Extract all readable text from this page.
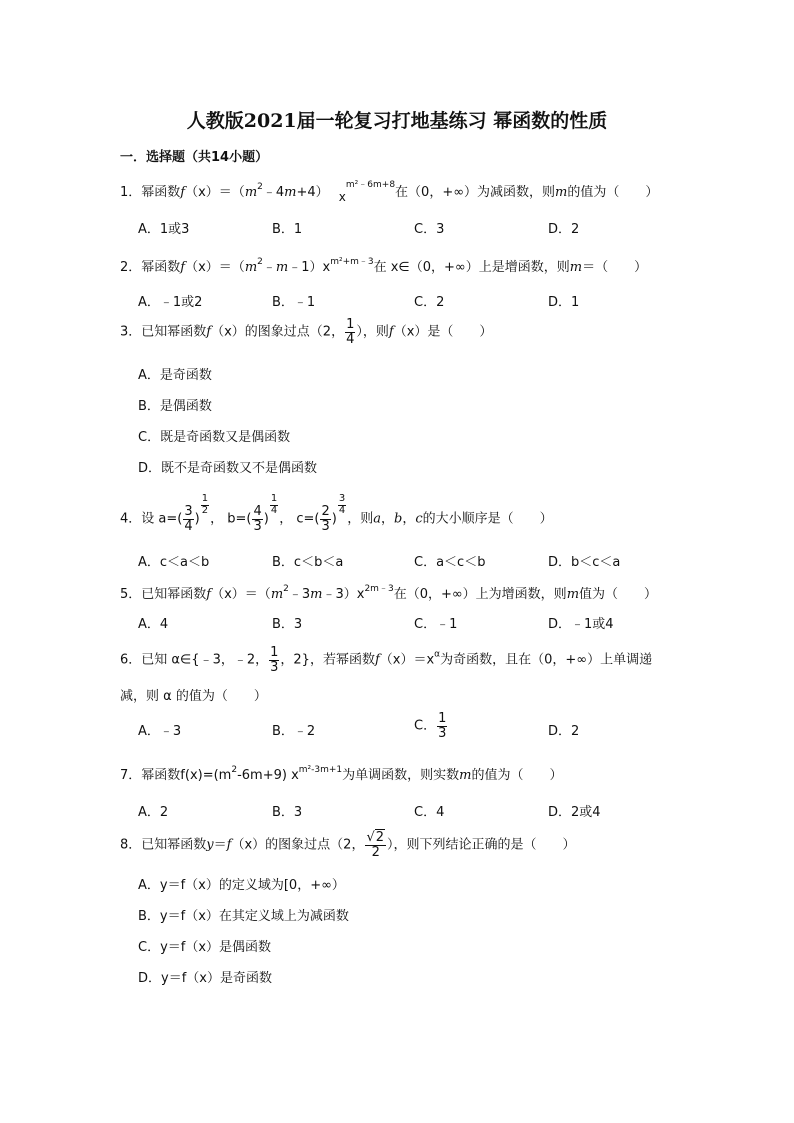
人教版2021届一轮复习打地基练习 幂函数的性质
一．选择题（共14小题）
1．幂函数$f(x)=(m^2﹣4m+4)$ $x^{m^2﹣6m+8}$在（0，+∞）为减函数，则m的值为（　　）
A．1或3	B．1	C．3	D．2
2．幂函数$f(x)=(m^2﹣m﹣1)x^{m^2+m﹣3}$在 x∈（0，+∞）上是增函数，则m＝（　　）
A．﹣1或2	B．﹣1	C．2	D．1
3．已知幂函数f（x）的图象过点（2， $\frac{1}{4}$ ），则f（x）是（　　）
A．是奇函数
B．是偶函数
C．既是奇函数又是偶函数
D．既不是奇函数又不是偶函数
4．设 $a=( \frac{3}{4}$ )
$\frac{1}{2}$
， $b=( \frac{4}{3}$ )
$\frac{1}{4}$
， $c=( \frac{2}{3}$ )
$\frac{3}{4}$
，则a，b，c的大小顺序是（　　）
A．c＜a＜b	B．c＜b＜a	C．a＜c＜b	D．b＜c＜a
5．已知幂函数$f(x)=(m^2﹣3m﹣3)x^{2m﹣3}$在（0，+∞）上为增函数，则m值为（　　）
A．4	B．3	C．﹣1	D．﹣1或4
6．已知 α∈{﹣3，﹣2， $\frac{1}{3}$ ，2}，若幂函数$f(x)=x^\alpha$为奇函数，且在（0，+∞）上单调递
减，则 α 的值为（　　）
A．﹣3	B．﹣2	C． $\frac{1}{3}$	D．2
7．幂函数$f(x)=(m^2-6m+9)$ $x^{m^2-3m+1}$为单调函数，则实数m的值为（　　）
A．2	B．3	C．4	D．2或4
8．已知幂函数y＝f（x）的图象过点（2， $\frac{√2}{2}$ ），则下列结论正确的是（　　）
A．y＝f（x）的定义域为[0，+∞）
B．y＝f（x）在其定义域上为减函数
C．y＝f（x）是偶函数
D．y＝f（x）是奇函数
